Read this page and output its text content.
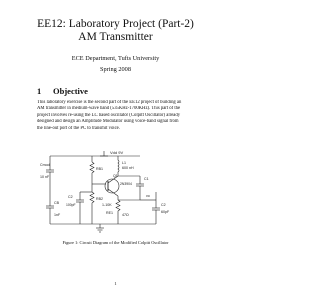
EE12: Laboratory Project (Part-2)
AM Transmitter
ECE Department, Tufts University
Spring 2008
1 Objective
This laboratory exercise is the second part of the EE12 project of building an
AM transmitter in medium-wave band (535KHz-1700KHz). This part of the
project involves re-using the LC based oscillator (Colpitt Oscillator) already
designed and design an Amplitude Modulator using voice-band signal from
the line-out port of the PC to transmit voice.
Vdd 9V
L1
600 nH
RB1
Cmod
10 nF	Q1
2N3904
C1
RB2
1-10K
RE1	47Ω
vo
C2
60pF
C2
100pF
CB
1nF
Figure 1: Circuit Diagram of the Modified Colpitt Oscillator
1
